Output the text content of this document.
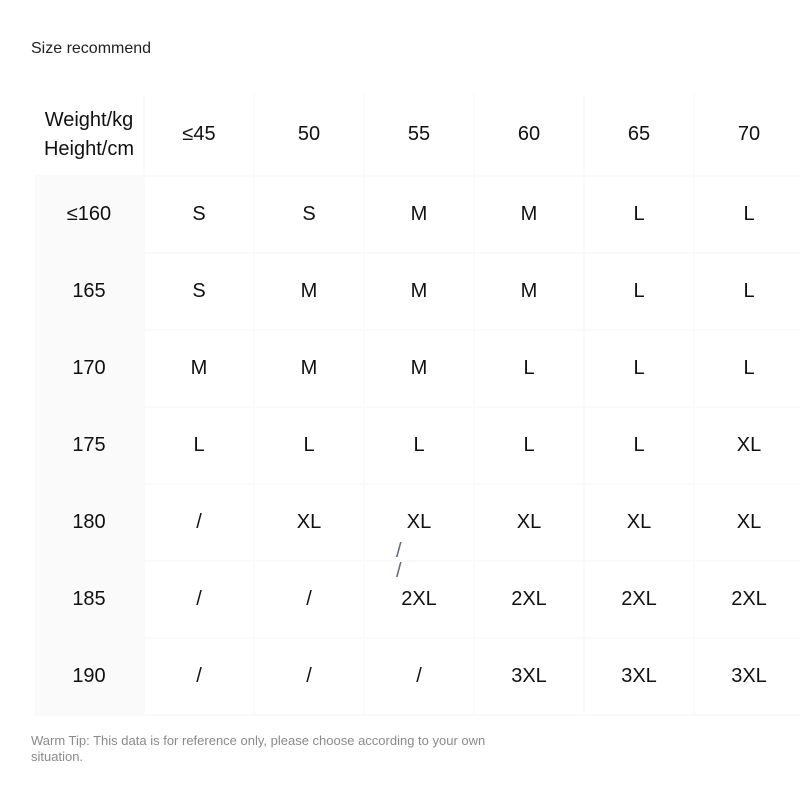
Size recommend
Weight/kg
Height/cm	≤45	50	55	60	65	70
≤160	S	S	M	M	L	L
165	S	M	M	M	L	L
170	M	M	M	L	L	L
175	L	L	L	L	L	XL
180	/	XL	XL	XL	XL	XL
185	/	/	2XL	2XL	2XL	2XL
190	/	/	/	3XL	3XL	3XL
/
/
Warm Tip: This data is for reference only, please choose according to your own situation.
